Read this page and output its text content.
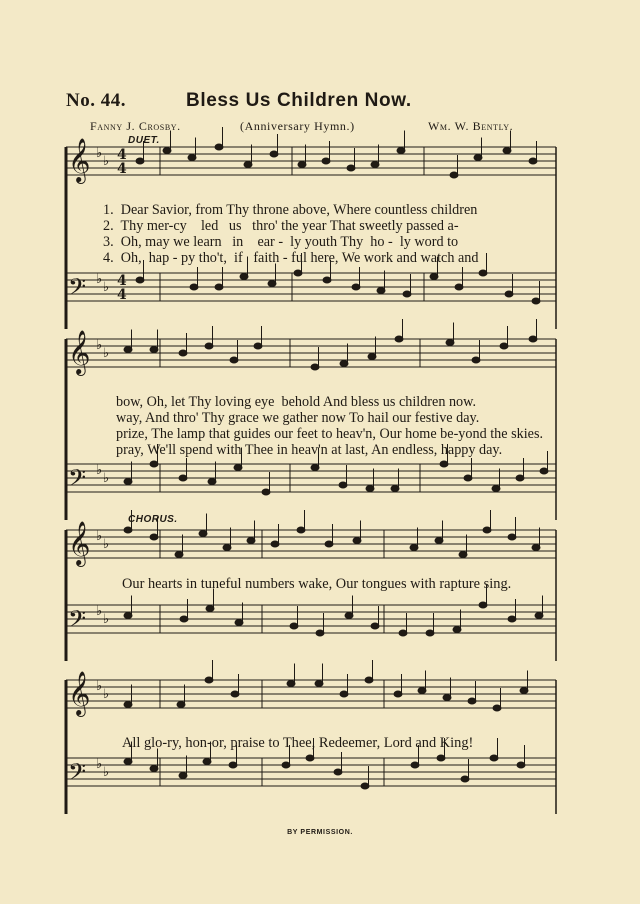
No. 44.	Bless Us Children Now.
Fanny J. Crosby.	(Anniversary Hymn.)	Wm. W. Bently.
𝄞 ♭
♭
𝄢 ♭
♭
𝄞 ♭
♭
𝄢 ♭
♭
𝄞 ♭
♭
𝄢 ♭
♭
𝄞 ♭
♭
𝄢 ♭
♭
4
4
4
4
DUET.
CHORUS.
1.  Dear Savior, from Thy throne above, Where countless children
2.  Thy mer-cy    led   us   thro' the year That sweetly passed a-
3.  Oh, may we learn   in    ear -  ly youth Thy  ho -  ly word to
4.  Oh,  hap - py tho't,  if   faith - ful here, We work and watch and
bow, Oh, let Thy loving eye  behold And bless us children now.
way, And thro' Thy grace we gather now To hail our festive day.
prize, The lamp that guides our feet to heav'n, Our home be-yond the skies.
pray, We'll spend with Thee in heav'n at last, An endless, happy day.
Our hearts in tuneful numbers wake, Our tongues with rapture sing.
All glo-ry, hon-or, praise to Thee, Redeemer, Lord and King!
BY PERMISSION.
